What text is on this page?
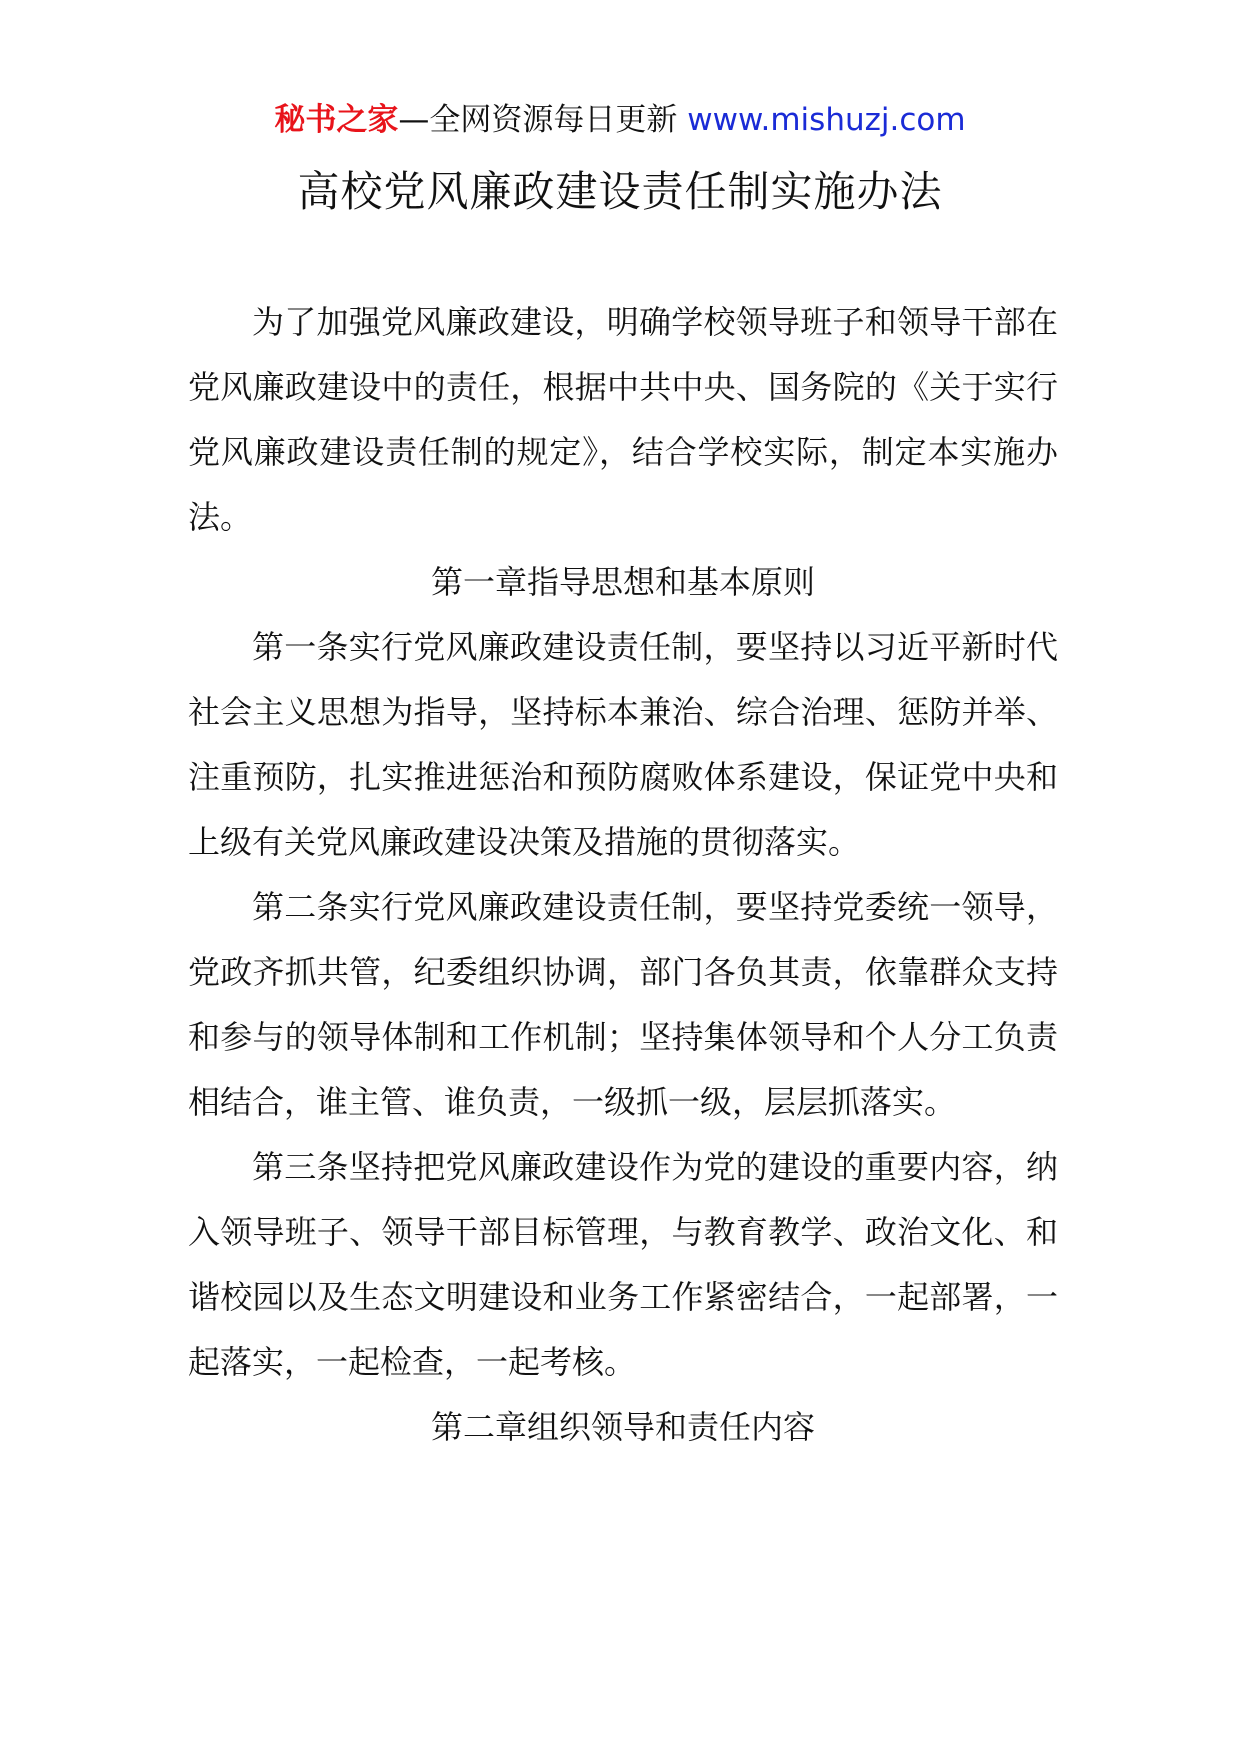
秘书之家—全网资源每日更新 www.mishuzj.com
高校党风廉政建设责任制实施办法

为了加强党风廉政建设，明确学校领导班子和领导干部在党风廉政建设中的责任，根据中共中央、国务院的《关于实行党风廉政建设责任制的规定》，结合学校实际，制定本实施办法。

第一章指导思想和基本原则

第一条实行党风廉政建设责任制，要坚持以习近平新时代社会主义思想为指导，坚持标本兼治、综合治理、惩防并举、注重预防，扎实推进惩治和预防腐败体系建设，保证党中央和上级有关党风廉政建设决策及措施的贯彻落实。

第二条实行党风廉政建设责任制，要坚持党委统一领导，党政齐抓共管，纪委组织协调，部门各负其责，依靠群众支持和参与的领导体制和工作机制；坚持集体领导和个人分工负责相结合，谁主管、谁负责，一级抓一级，层层抓落实。

第三条坚持把党风廉政建设作为党的建设的重要内容，纳入领导班子、领导干部目标管理，与教育教学、政治文化、和谐校园以及生态文明建设和业务工作紧密结合，一起部署，一起落实，一起检查，一起考核。

第二章组织领导和责任内容
